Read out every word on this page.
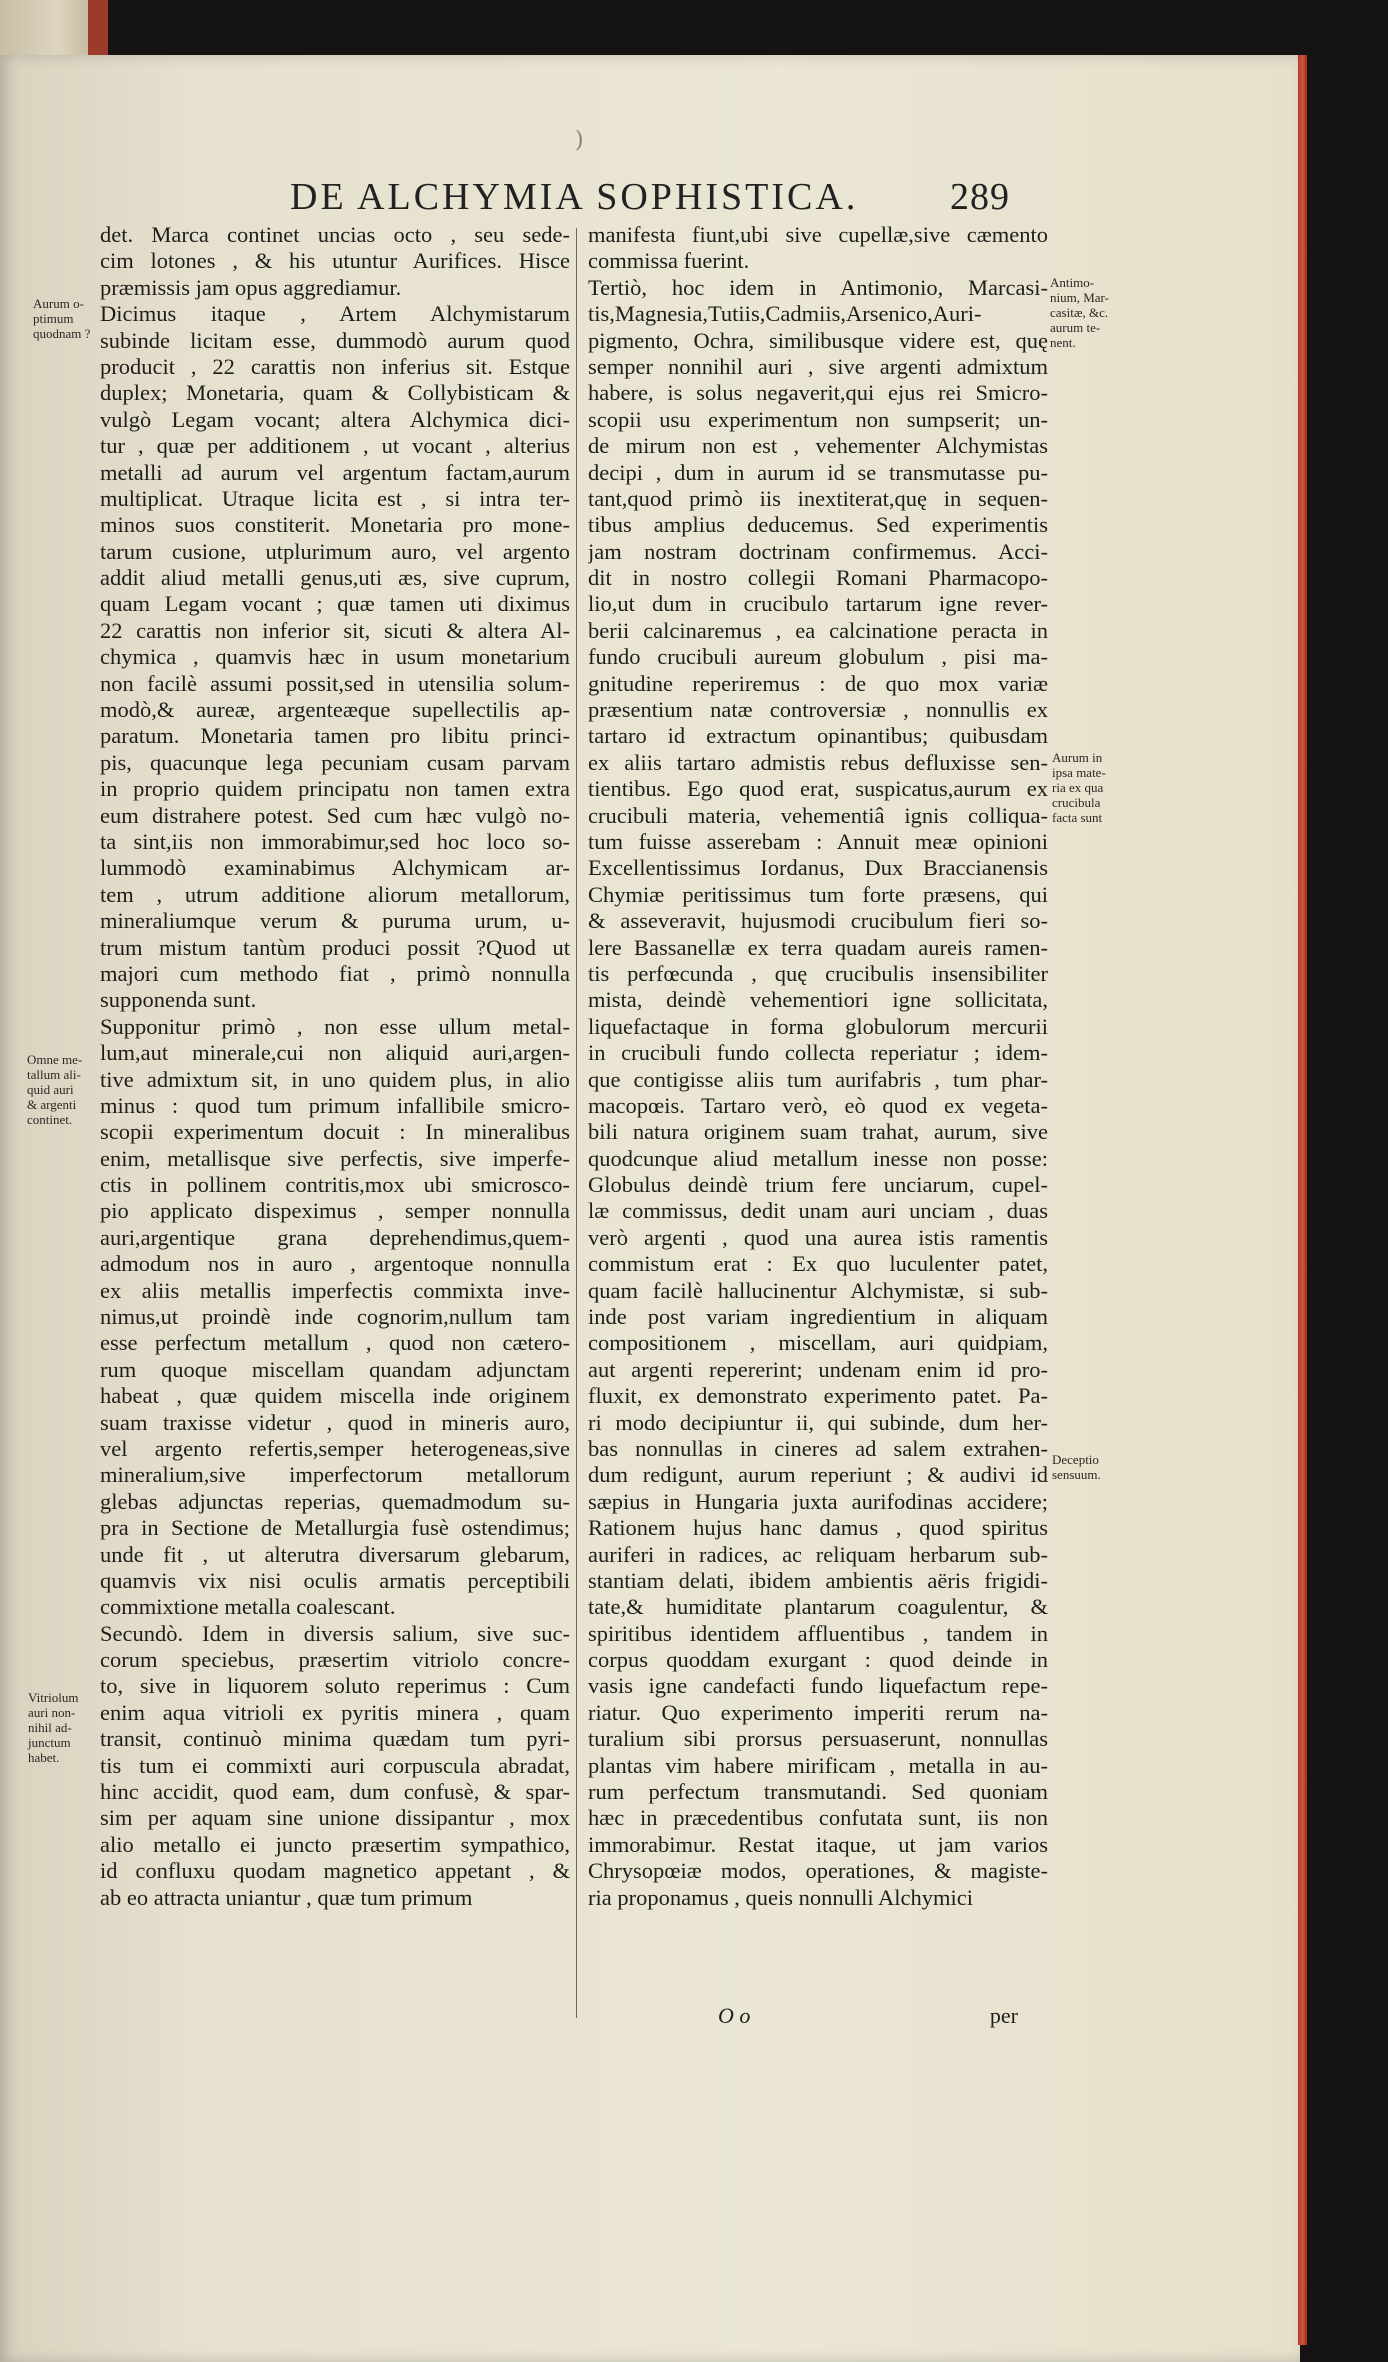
)
DE ALCHYMIA SOPHISTICA. 289
det. Marca continet uncias octo , seu sede-
cim lotones , & his utuntur Aurifices. Hisce
præmissis jam opus aggrediamur.
Dicimus itaque , Artem Alchymistarum
subinde licitam esse, dummodò aurum quod
producit , 22 carattis non inferius sit. Estque
duplex; Monetaria, quam & Collybisticam &
vulgò Legam vocant; altera Alchymica dici-
tur , quæ per additionem , ut vocant , alterius
metalli ad aurum vel argentum factam,aurum
multiplicat. Utraque licita est , si intra ter-
minos suos constiterit. Monetaria pro mone-
tarum cusione, utplurimum auro, vel argento
addit aliud metalli genus,uti æs, sive cuprum,
quam Legam vocant ; quæ tamen uti diximus
22 carattis non inferior sit, sicuti & altera Al-
chymica , quamvis hæc in usum monetarium
non facilè assumi possit,sed in utensilia solum-
modò,& aureæ, argenteæque supellectilis ap-
paratum. Monetaria tamen pro libitu princi-
pis, quacunque lega pecuniam cusam parvam
in proprio quidem principatu non tamen extra
eum distrahere potest. Sed cum hæc vulgò no-
ta sint,iis non immorabimur,sed hoc loco so-
lummodò examinabimus Alchymicam ar-
tem , utrum additione aliorum metallorum,
mineraliumque verum & puruma urum, u-
trum mistum tantùm produci possit ?Quod ut
majori cum methodo fiat , primò nonnulla
supponenda sunt.
Supponitur primò , non esse ullum metal-
lum,aut minerale,cui non aliquid auri,argen-
tive admixtum sit, in uno quidem plus, in alio
minus : quod tum primum infallibile smicro-
scopii experimentum docuit : In mineralibus
enim, metallisque sive perfectis, sive imperfe-
ctis in pollinem contritis,mox ubi smicrosco-
pio applicato dispeximus , semper nonnulla
auri,argentique grana deprehendimus,quem-
admodum nos in auro , argentoque nonnulla
ex aliis metallis imperfectis commixta inve-
nimus,ut proindè inde cognorim,nullum tam
esse perfectum metallum , quod non cætero-
rum quoque miscellam quandam adjunctam
habeat , quæ quidem miscella inde originem
suam traxisse videtur , quod in mineris auro,
vel argento refertis,semper heterogeneas,sive
mineralium,sive imperfectorum metallorum
glebas adjunctas reperias, quemadmodum su-
pra in Sectione de Metallurgia fusè ostendimus;
unde fit , ut alterutra diversarum glebarum,
quamvis vix nisi oculis armatis perceptibili
commixtione metalla coalescant.
Secundò. Idem in diversis salium, sive suc-
corum speciebus, præsertim vitriolo concre-
to, sive in liquorem soluto reperimus : Cum
enim aqua vitrioli ex pyritis minera , quam
transit, continuò minima quædam tum pyri-
tis tum ei commixti auri corpuscula abradat,
hinc accidit, quod eam, dum confusè, & spar-
sim per aquam sine unione dissipantur , mox
alio metallo ei juncto præsertim sympathico,
id confluxu quodam magnetico appetant , &
ab eo attracta uniantur , quæ tum primum
manifesta fiunt,ubi sive cupellæ,sive cæmento
commissa fuerint.
Tertiò, hoc idem in Antimonio, Marcasi-
tis,Magnesia,Tutiis,Cadmiis,Arsenico,Auri-
pigmento, Ochra, similibusque videre est, quę
semper nonnihil auri , sive argenti admixtum
habere, is solus negaverit,qui ejus rei Smicro-
scopii usu experimentum non sumpserit; un-
de mirum non est , vehementer Alchymistas
decipi , dum in aurum id se transmutasse pu-
tant,quod primò iis inextiterat,quę in sequen-
tibus amplius deducemus. Sed experimentis
jam nostram doctrinam confirmemus. Acci-
dit in nostro collegii Romani Pharmacopo-
lio,ut dum in crucibulo tartarum igne rever-
berii calcinaremus , ea calcinatione peracta in
fundo crucibuli aureum globulum , pisi ma-
gnitudine reperiremus : de quo mox variæ
præsentium natæ controversiæ , nonnullis ex
tartaro id extractum opinantibus; quibusdam
ex aliis tartaro admistis rebus defluxisse sen-
tientibus. Ego quod erat, suspicatus,aurum ex
crucibuli materia, vehementiâ ignis colliqua-
tum fuisse asserebam : Annuit meæ opinioni
Excellentissimus Iordanus, Dux Braccianensis
Chymiæ peritissimus tum forte præsens, qui
& asseveravit, hujusmodi crucibulum fieri so-
lere Bassanellæ ex terra quadam aureis ramen-
tis perfœcunda , quę crucibulis insensibiliter
mista, deindè vehementiori igne sollicitata,
liquefactaque in forma globulorum mercurii
in crucibuli fundo collecta reperiatur ; idem-
que contigisse aliis tum aurifabris , tum phar-
macopœis. Tartaro verò, eò quod ex vegeta-
bili natura originem suam trahat, aurum, sive
quodcunque aliud metallum inesse non posse:
Globulus deindè trium fere unciarum, cupel-
læ commissus, dedit unam auri unciam , duas
verò argenti , quod una aurea istis ramentis
commistum erat : Ex quo luculenter patet,
quam facilè hallucinentur Alchymistæ, si sub-
inde post variam ingredientium in aliquam
compositionem , miscellam, auri quidpiam,
aut argenti repererint; undenam enim id pro-
fluxit, ex demonstrato experimento patet. Pa-
ri modo decipiuntur ii, qui subinde, dum her-
bas nonnullas in cineres ad salem extrahen-
dum redigunt, aurum reperiunt ; & audivi id
sæpius in Hungaria juxta aurifodinas accidere;
Rationem hujus hanc damus , quod spiritus
auriferi in radices, ac reliquam herbarum sub-
stantiam delati, ibidem ambientis aëris frigidi-
tate,& humiditate plantarum coagulentur, &
spiritibus identidem affluentibus , tandem in
corpus quoddam exurgant : quod deinde in
vasis igne candefacti fundo liquefactum repe-
riatur. Quo experimento imperiti rerum na-
turalium sibi prorsus persuaserunt, nonnullas
plantas vim habere mirificam , metalla in au-
rum perfectum transmutandi. Sed quoniam
hæc in præcedentibus confutata sunt, iis non
immorabimur. Restat itaque, ut jam varios
Chrysopœiæ modos, operationes, & magiste-
ria proponamus , queis nonnulli Alchymici
Aurum o-
ptimum
quodnam ?
Omne me-
tallum ali-
quid auri
& argenti
continet.
Vitriolum
auri non-
nihil ad-
junctum
habet.
Antimo-
nium, Mar-
casitæ, &c.
aurum te-
nent.
Aurum in
ipsa mate-
ria ex qua
crucibula
facta sunt
Deceptio
sensuum.
O o	per
